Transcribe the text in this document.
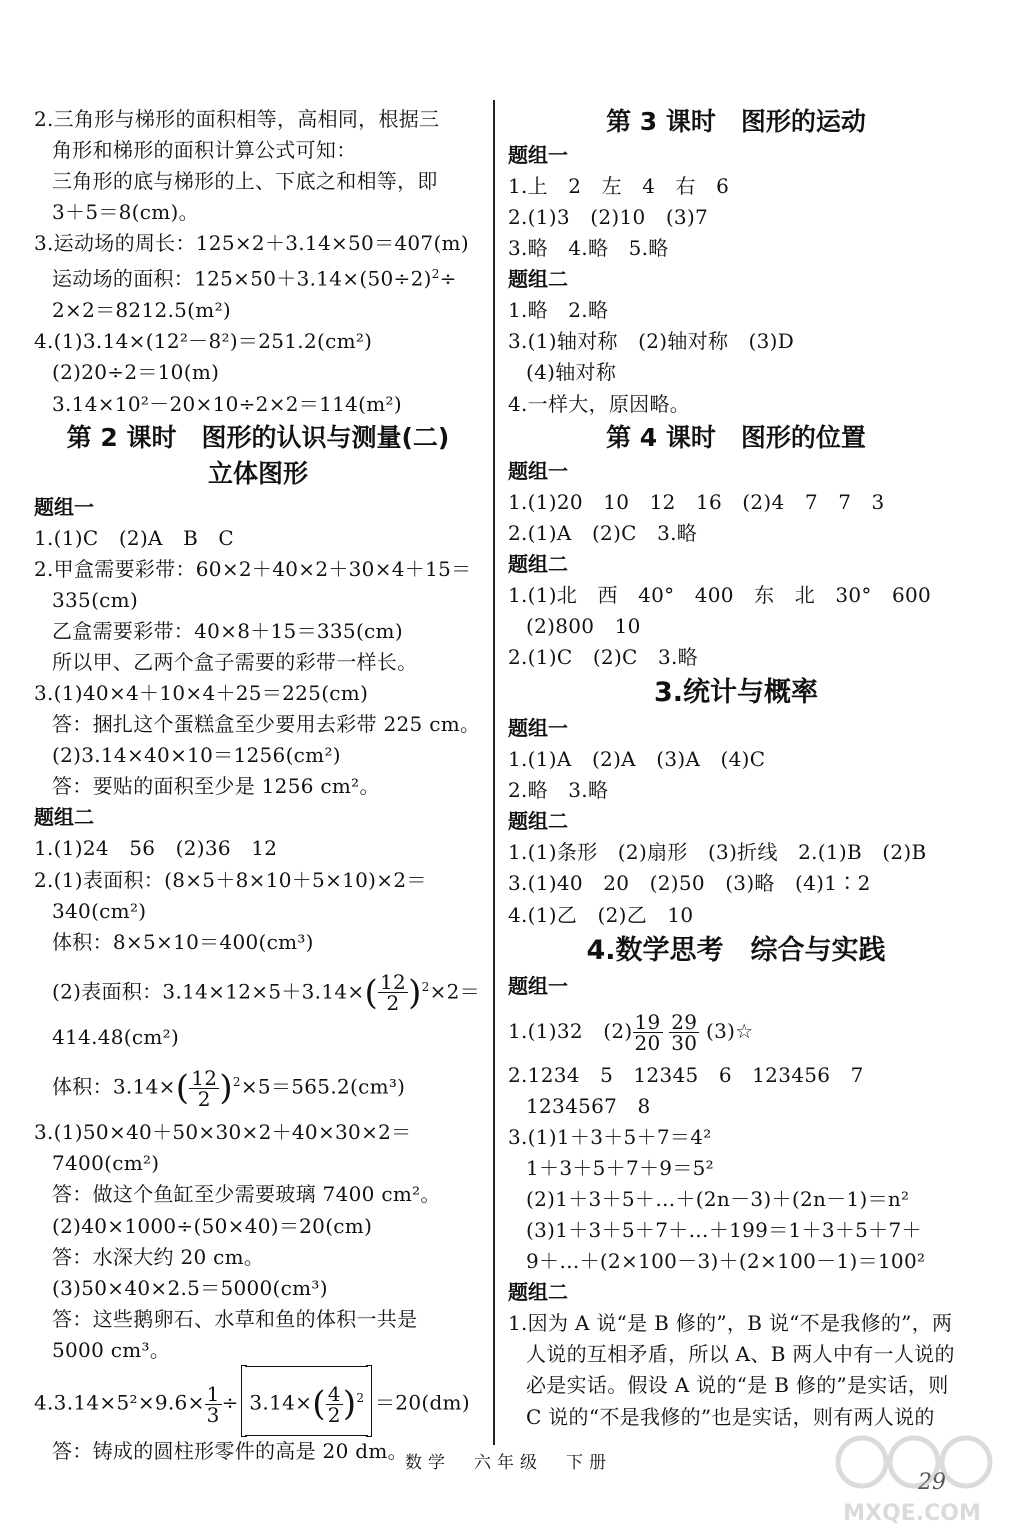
2.三角形与梯形的面积相等，高相同，根据三
角形和梯形的面积计算公式可知：
三角形的底与梯形的上、下底之和相等，即
3＋5＝8(cm)。
3.运动场的周长：125×2＋3.14×50＝407(m)
运动场的面积：$125\times 50+3.14\times(50\div 2)^2\div$
2×2＝8212.5(m²)
4.(1)3.14×(12²－8²)＝251.2(cm²)
(2)20÷2＝10(m)
3.14×10²－20×10÷2×2＝114(m²)
第 2 课时　图形的认识与测量(二)
立体图形
题组一
1.(1)C　(2)A　B　C
2.甲盒需要彩带：60×2＋40×2＋30×4＋15＝
335(cm)
乙盒需要彩带：40×8＋15＝335(cm)
所以甲、乙两个盒子需要的彩带一样长。
3.(1)40×4＋10×4＋25＝225(cm)
答：捆扎这个蛋糕盒至少要用去彩带 225 cm。
(2)3.14×40×10＝1256(cm²)
答：要贴的面积至少是 1256 cm²。
题组二
1.(1)24　56　(2)36　12
2.(1)表面积：(8×5＋8×10＋5×10)×2＝
340(cm²)
体积：8×5×10＝400(cm³)
(2)表面积：$3.14\times 12\times 5+3.14\times( \frac{12}{2} )^2\times 2=$
414.48(cm²)
体积：$3.14\times( \frac{12}{2} )^2\times 5=565.2(cm^3)$
3.(1)50×40＋50×30×2＋40×30×2＝
7400(cm²)
答：做这个鱼缸至少需要玻璃 7400 cm²。
(2)40×1000÷(50×40)＝20(cm)
答：水深大约 20 cm。
(3)50×40×2.5＝5000(cm³)
答：这些鹅卵石、水草和鱼的体积一共是
5000 cm³。
$4.3.14\times 5^2\times 9.6\times \frac{1}{3} \div 3.14\times( \frac{4}{2} )^2 =20(dm)$
答：铸成的圆柱形零件的高是 20 dm。
第 3 课时　图形的运动
题组一
1.上　2　左　4　右　6
2.(1)3　(2)10　(3)7
3.略　4.略　5.略
题组二
1.略　2.略
3.(1)轴对称　(2)轴对称　(3)D
(4)轴对称
4.一样大，原因略。
第 4 课时　图形的位置
题组一
1.(1)20　10　12　16　(2)4　7　7　3
2.(1)A　(2)C　3.略
题组二
1.(1)北　西　40°　400　东　北　30°　600
(2)800　10
2.(1)C　(2)C　3.略
3.统计与概率
题组一
1.(1)A　(2)A　(3)A　(4)C
2.略　3.略
题组二
1.(1)条形　(2)扇形　(3)折线　2.(1)B　(2)B
3.(1)40　20　(2)50　(3)略　(4)1∶2
4.(1)乙　(2)乙　10
4.数学思考　综合与实践
题组一
1.(1)32　$(2) \frac{19}{20}$
$\frac{29}{30}$ (3)☆
2.1234　5　12345　6　123456　7
1234567　8
3.(1)1＋3＋5＋7＝4²
1＋3＋5＋7＋9＝5²
(2)1＋3＋5＋…＋(2n－3)＋(2n－1)＝n²
(3)1＋3＋5＋7＋…＋199＝1＋3＋5＋7＋
9＋…＋(2×100－3)＋(2×100－1)＝100²
题组二
1.因为 A 说“是 B 修的”，B 说“不是我修的”，两
人说的互相矛盾，所以 A、B 两人中有一人说的
必是实话。假设 A 说的“是 B 修的”是实话，则
C 说的“不是我修的”也是实话，则有两人说的
数学　六年级　下册
29
MXQE.COM
